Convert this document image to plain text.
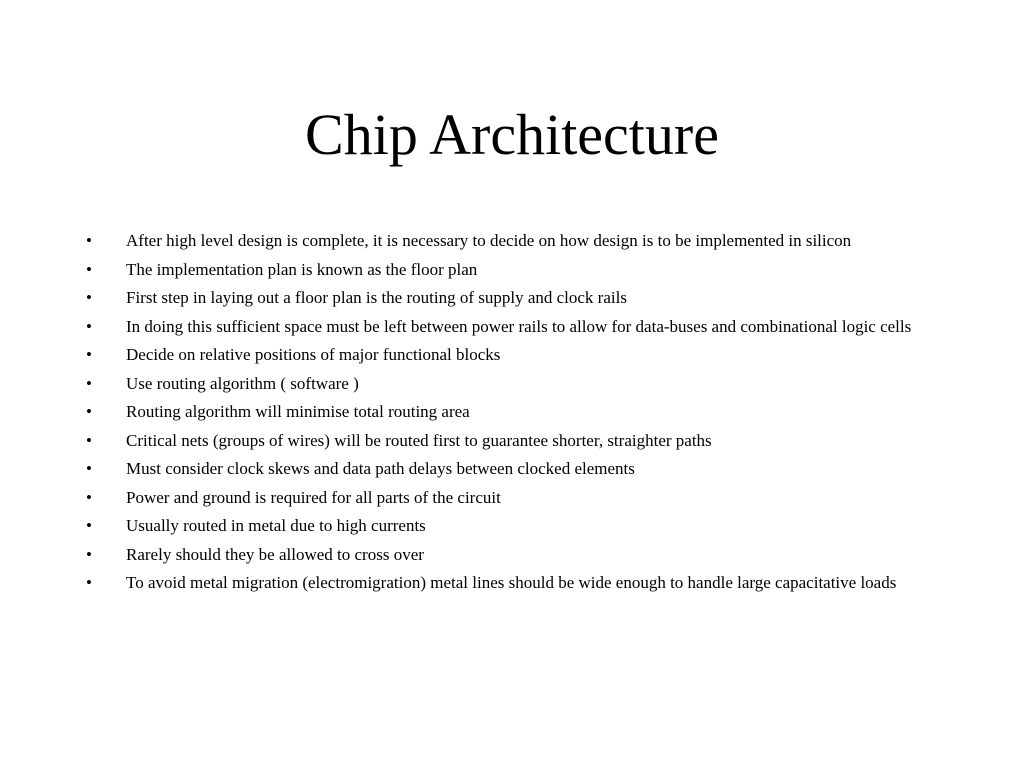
Chip Architecture
• After high level design is complete, it is necessary to decide on how design is to be implemented in silicon
• The implementation plan is known as the floor plan
• First step in laying out a floor plan is the routing of supply and clock rails
• In doing this sufficient space must be left between power rails to allow for data-buses and combinational logic cells
• Decide on relative positions of major functional blocks
• Use routing algorithm ( software )
• Routing algorithm will minimise total routing area
• Critical nets (groups of wires) will be routed first to guarantee shorter, straighter paths
• Must consider clock skews and data path delays between clocked elements
• Power and ground is required for all parts of the circuit
• Usually routed in metal due to high currents
• Rarely should they be allowed to cross over
• To avoid metal migration (electromigration) metal lines should be wide enough to handle large capacitative loads
